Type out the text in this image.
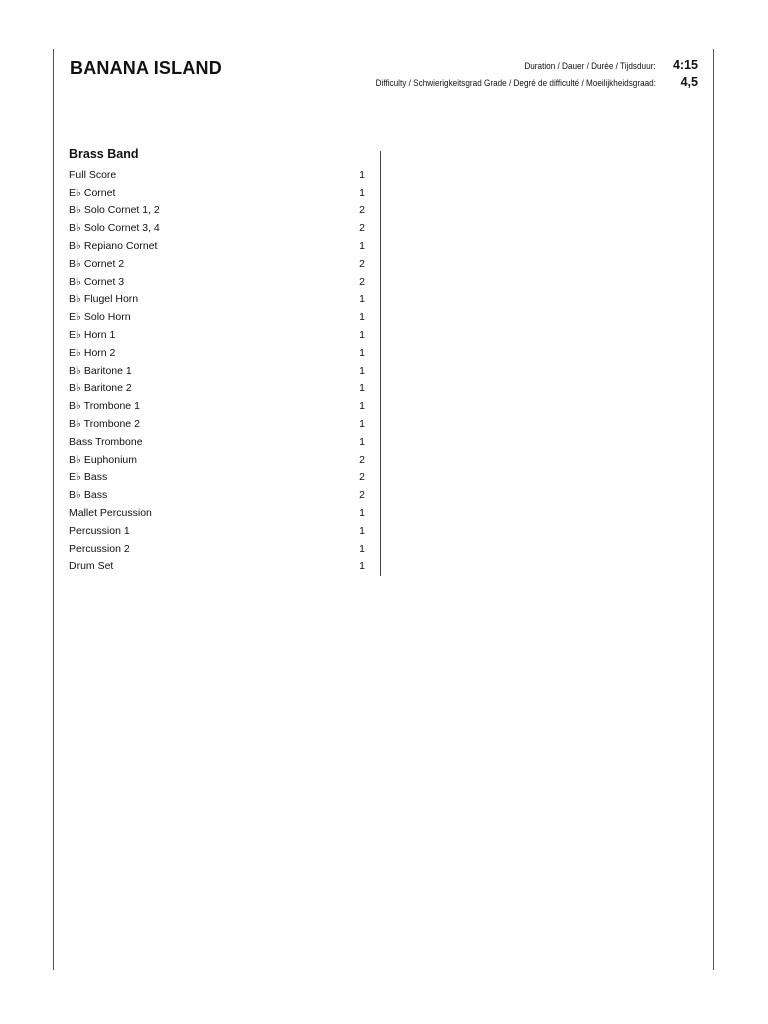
BANANA ISLAND	Duration / Dauer / Durée / Tijdsduur: 4:15
Difficulty / Schwierigkeitsgrad Grade / Degré de difficulté / Moeilijkheidsgraad:	4,5
Brass Band
Full Score	1
E♭ Cornet	1
B♭ Solo Cornet 1, 2	2
B♭ Solo Cornet 3, 4	2
B♭ Repiano Cornet	1
B♭ Cornet 2	2
B♭ Cornet 3	2
B♭ Flugel Horn	1
E♭ Solo Horn	1
E♭ Horn 1	1
E♭ Horn 2	1
B♭ Baritone 1	1
B♭ Baritone 2	1
B♭ Trombone 1	1
B♭ Trombone 2	1
Bass Trombone	1
B♭ Euphonium	2
E♭ Bass	2
B♭ Bass	2
Mallet Percussion	1
Percussion 1	1
Percussion 2	1
Drum Set	1
